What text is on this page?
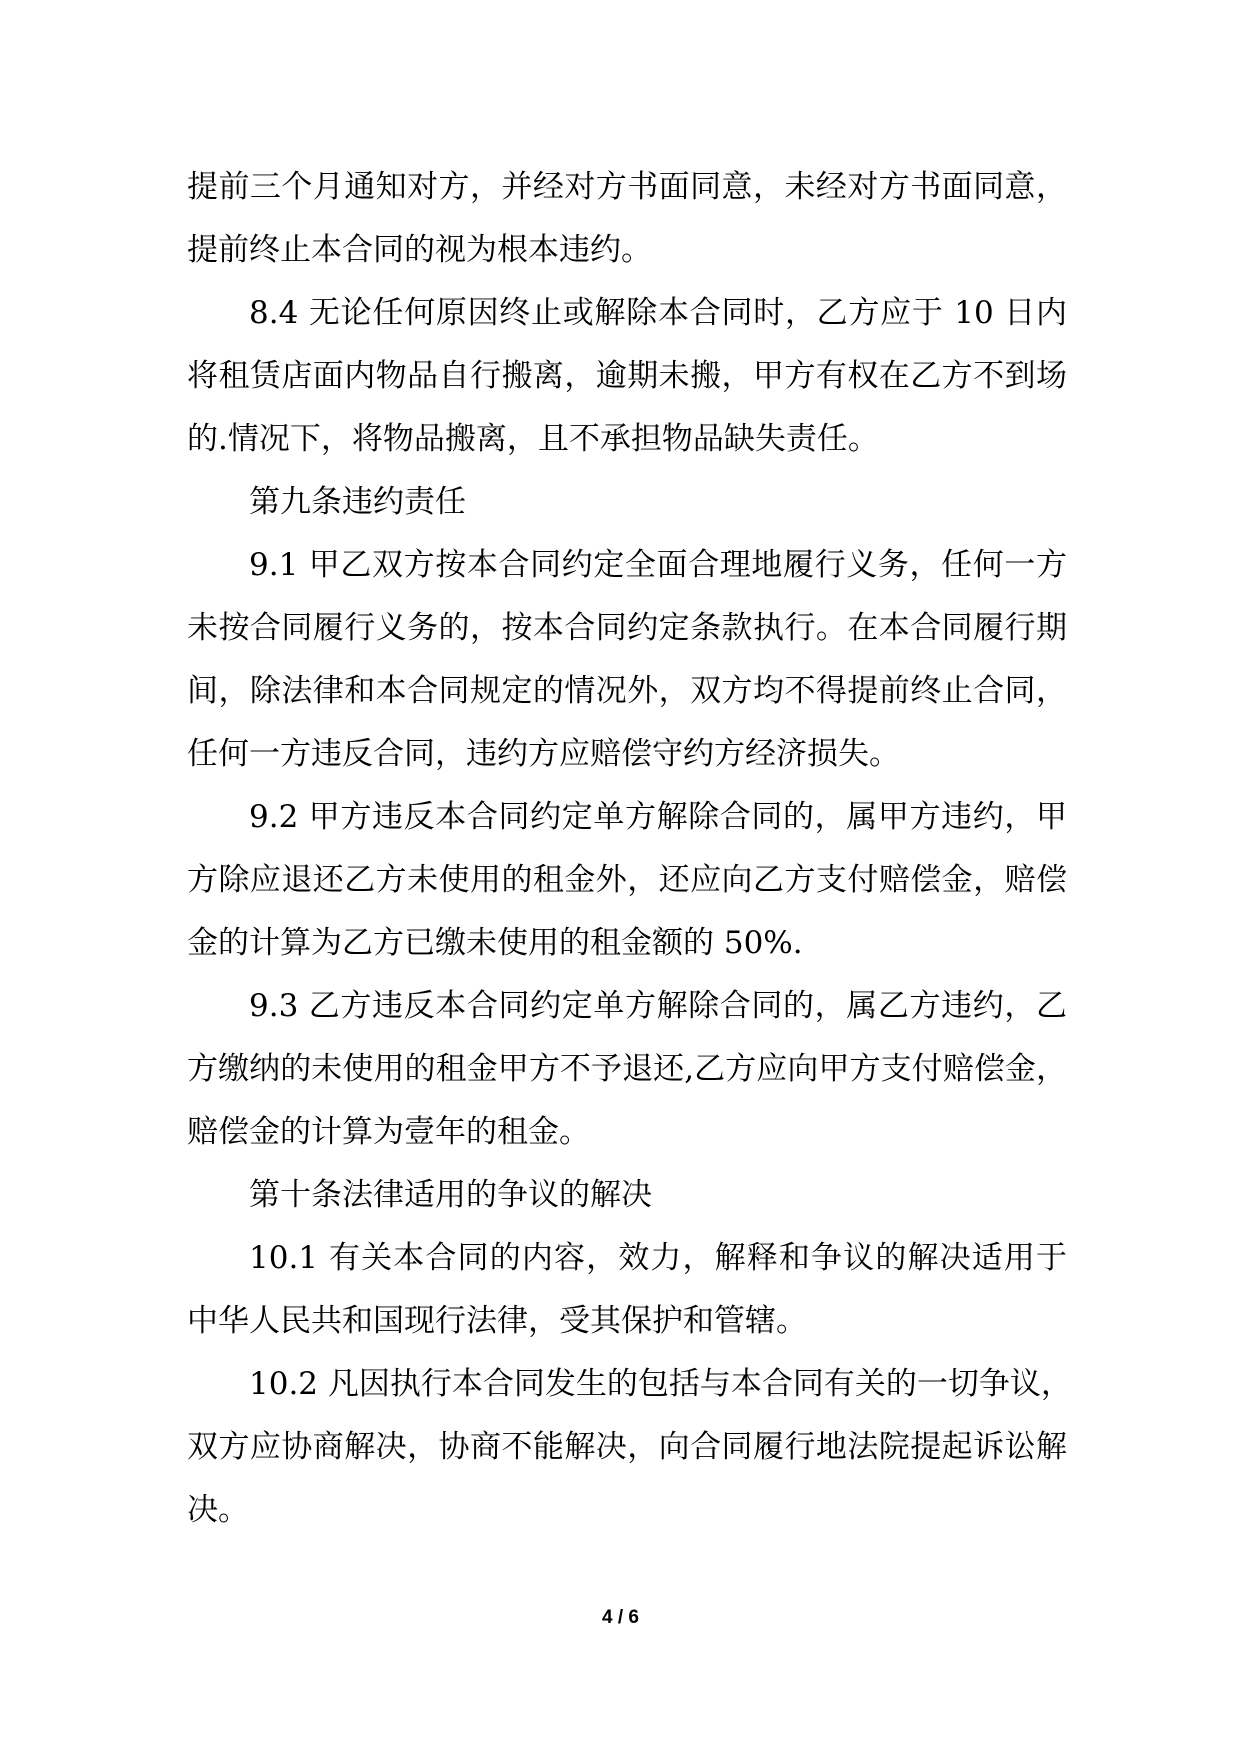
提前三个月通知对方，并经对方书面同意，未经对方书面同意，
提前终止本合同的视为根本违约。
8.4 无论任何原因终止或解除本合同时，乙方应于 10 日内
将租赁店面内物品自行搬离，逾期未搬，甲方有权在乙方不到场
的.情况下，将物品搬离，且不承担物品缺失责任。
第九条违约责任
9.1 甲乙双方按本合同约定全面合理地履行义务，任何一方
未按合同履行义务的，按本合同约定条款执行。在本合同履行期
间，除法律和本合同规定的情况外，双方均不得提前终止合同，
任何一方违反合同，违约方应赔偿守约方经济损失。
9.2 甲方违反本合同约定单方解除合同的，属甲方违约，甲
方除应退还乙方未使用的租金外，还应向乙方支付赔偿金，赔偿
金的计算为乙方已缴未使用的租金额的 50%.
9.3 乙方违反本合同约定单方解除合同的，属乙方违约，乙
方缴纳的未使用的租金甲方不予退还,乙方应向甲方支付赔偿金，
赔偿金的计算为壹年的租金。
第十条法律适用的争议的解决
10.1 有关本合同的内容，效力，解释和争议的解决适用于
中华人民共和国现行法律，受其保护和管辖。
10.2 凡因执行本合同发生的包括与本合同有关的一切争议，
双方应协商解决，协商不能解决，向合同履行地法院提起诉讼解
决。
4 / 6
